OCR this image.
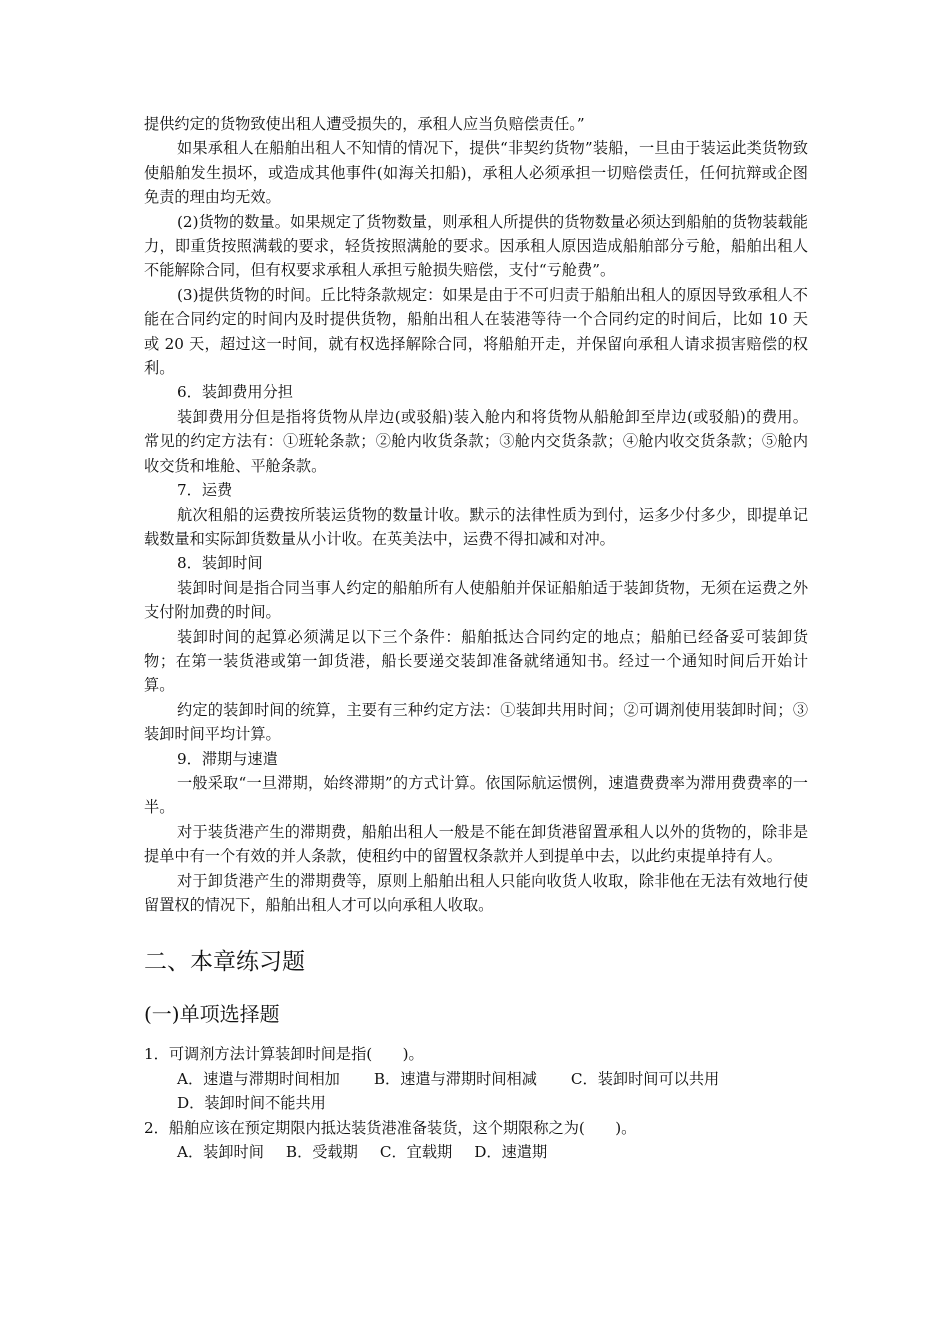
提供约定的货物致使出租人遭受损失的，承租人应当负赔偿责任。”

如果承租人在船舶出租人不知情的情况下，提供“非契约货物”装船，一旦由于装运此类货物致使船舶发生损坏，或造成其他事件(如海关扣船)，承租人必须承担一切赔偿责任，任何抗辩或企图免责的理由均无效。

(2)货物的数量。如果规定了货物数量，则承租人所提供的货物数量必须达到船舶的货物装载能力，即重货按照满载的要求，轻货按照满舱的要求。因承租人原因造成船舶部分亏舱，船舶出租人不能解除合同，但有权要求承租人承担亏舱损失赔偿，支付“亏舱费”。

(3)提供货物的时间。丘比特条款规定：如果是由于不可归责于船舶出租人的原因导致承租人不能在合同约定的时间内及时提供货物，船舶出租人在装港等待一个合同约定的时间后，比如 10 天或 20 天，超过这一时间，就有权选择解除合同，将船舶开走，并保留向承租人请求损害赔偿的权利。

6．装卸费用分担

装卸费用分但是指将货物从岸边(或驳船)装入舱内和将货物从船舱卸至岸边(或驳船)的费用。常见的约定方法有：①班轮条款；②舱内收货条款；③舱内交货条款；④舱内收交货条款；⑤舱内收交货和堆舱、平舱条款。

7．运费

航次租船的运费按所装运货物的数量计收。默示的法律性质为到付，运多少付多少，即提单记载数量和实际卸货数量从小计收。在英美法中，运费不得扣减和对冲。

8．装卸时间

装卸时间是指合同当事人约定的船舶所有人使船舶并保证船舶适于装卸货物，无须在运费之外支付附加费的时间。

装卸时间的起算必须满足以下三个条件：船舶抵达合同约定的地点；船舶已经备妥可装卸货物；在第一装货港或第一卸货港，船长要递交装卸准备就绪通知书。经过一个通知时间后开始计算。

约定的装卸时间的统算，主要有三种约定方法：①装卸共用时间；②可调剂使用装卸时间；③装卸时间平均计算。

9．滞期与速遣

一般采取“一旦滞期，始终滞期”的方式计算。依国际航运惯例，速遣费费率为滞用费费率的一半。

对于装货港产生的滞期费，船舶出租人一般是不能在卸货港留置承租人以外的货物的，除非是提单中有一个有效的并人条款，使租约中的留置权条款并人到提单中去，以此约束提单持有人。

对于卸货港产生的滞期费等，原则上船舶出租人只能向收货人收取，除非他在无法有效地行使留置权的情况下，船舶出租人才可以向承租人收取。

二、本章练习题
(一)单项选择题

1．可调剂方法计算装卸时间是指(　　)。

A．速遣与滞期时间相加 B．速遣与滞期时间相减 C．装卸时间可以共用
D．装卸时间不能共用

2．船舶应该在预定期限内抵达装货港准备装货，这个期限称之为(　　)。

A．装卸时间 B．受载期 C．宜载期 D．速遣期
